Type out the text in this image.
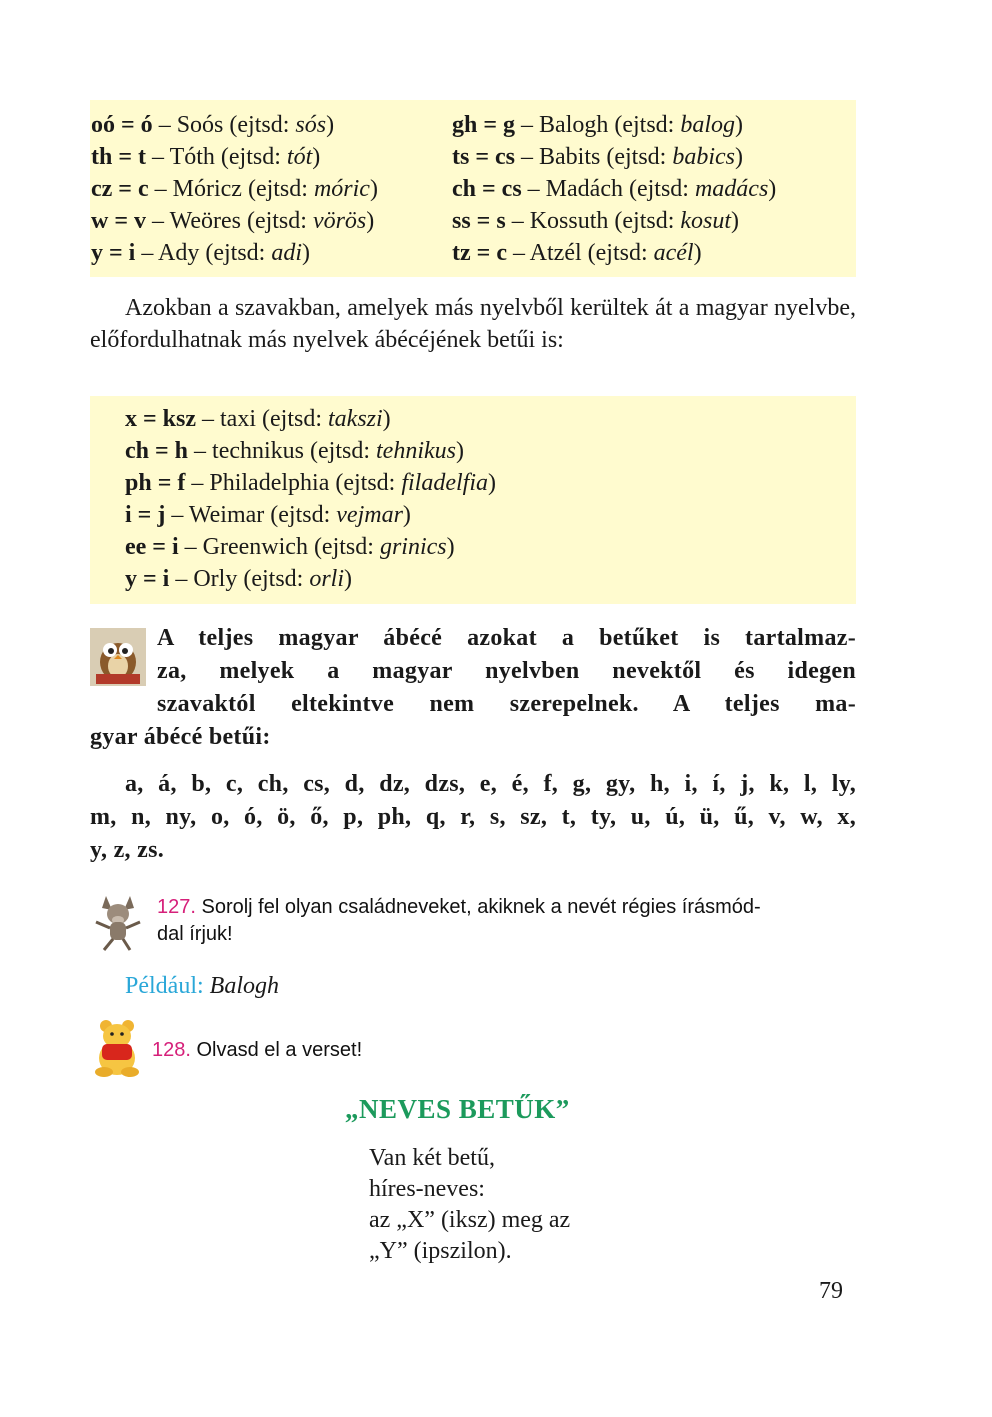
oó = ó – Soós (ejtsd: sós)
th = t – Tóth (ejtsd: tót)
cz = c – Móricz (ejtsd: móric)
w = v – Weöres (ejtsd: vörös)
y = i – Ady (ejtsd: adi)
gh = g – Balogh (ejtsd: balog)
ts = cs – Babits (ejtsd: babics)
ch = cs – Madách (ejtsd: madács)
ss = s – Kossuth (ejtsd: kosut)
tz = c – Atzél (ejtsd: acél)
Azokban a szavakban, amelyek más nyelvből kerültek át a magyar nyelvbe, előfordulhatnak más nyelvek ábécéjének betűi is:
x = ksz – taxi (ejtsd: takszi)
ch = h – technikus (ejtsd: tehnikus)
ph = f – Philadelphia (ejtsd: filadelfia)
i = j – Weimar (ejtsd: vejmar)
ee = i – Greenwich (ejtsd: grinics)
y = i – Orly (ejtsd: orli)
A teljes magyar ábécé azokat a betűket is tartalmaz-
za, melyek a magyar nyelvben nevektől és idegen
szavaktól eltekintve nem szerepelnek. A teljes ma-
gyar ábécé betűi:
a, á, b, c, ch, cs, d, dz, dzs, e, é, f, g, gy, h, i, í, j, k, l, ly,
m, n, ny, o, ó, ö, ő, p, ph, q, r, s, sz, t, ty, u, ú, ü, ű, v, w, x,
y, z, zs.
127. Sorolj fel olyan családneveket, akiknek a nevét régies írásmód-
dal írjuk!
Például: Balogh
128. Olvasd el a verset!
„NEVES BETŰK”
Van két betű,
híres-neves:
az „X” (iksz) meg az
„Y” (ipszilon).
79
